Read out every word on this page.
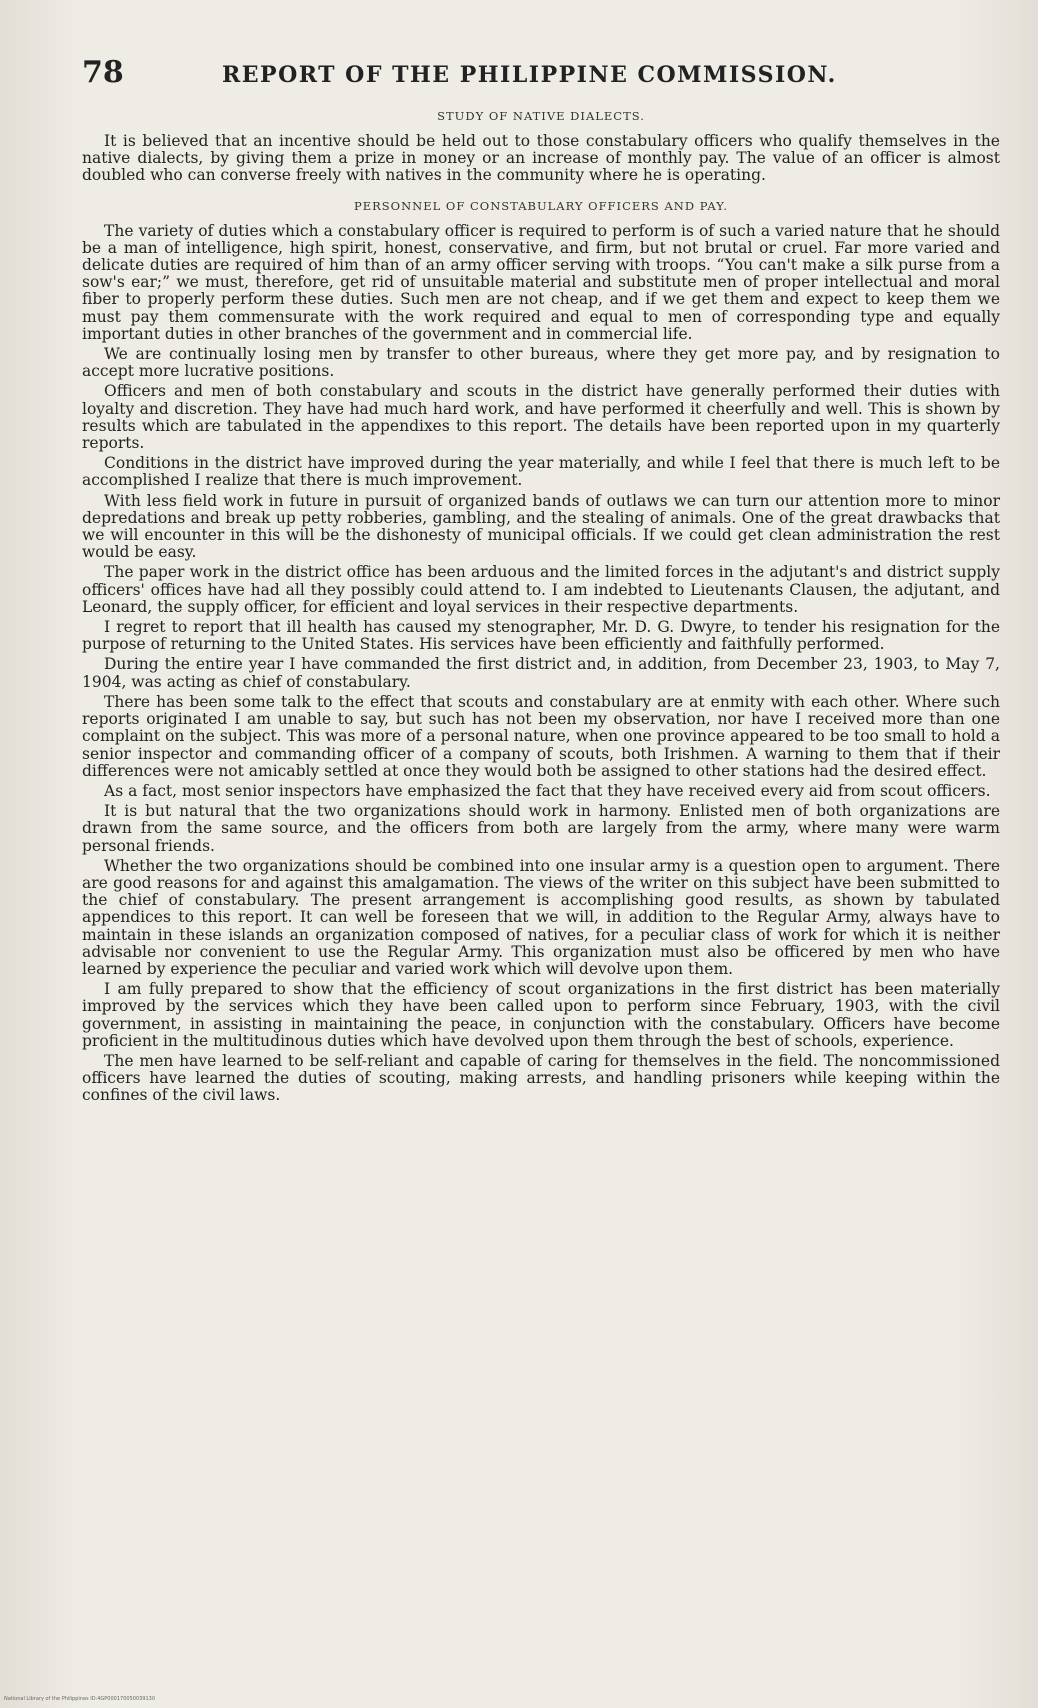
78	REPORT OF THE PHILIPPINE COMMISSION.
STUDY OF NATIVE DIALECTS.

It is believed that an incentive should be held out to those constabulary officers who qualify themselves in the native dialects, by giving them a prize in money or an increase of monthly pay. The value of an officer is almost doubled who can converse freely with natives in the community where he is operating.

PERSONNEL OF CONSTABULARY OFFICERS AND PAY.

The variety of duties which a constabulary officer is required to perform is of such a varied nature that he should be a man of intelligence, high spirit, honest, conservative, and firm, but not brutal or cruel. Far more varied and delicate duties are required of him than of an army officer serving with troops. “You can't make a silk purse from a sow's ear;” we must, therefore, get rid of unsuitable material and substitute men of proper intellectual and moral fiber to properly perform these duties. Such men are not cheap, and if we get them and expect to keep them we must pay them commensurate with the work required and equal to men of corresponding type and equally important duties in other branches of the government and in commercial life.

We are continually losing men by transfer to other bureaus, where they get more pay, and by resignation to accept more lucrative positions.

Officers and men of both constabulary and scouts in the district have generally performed their duties with loyalty and discretion. They have had much hard work, and have performed it cheerfully and well. This is shown by results which are tabulated in the appendixes to this report. The details have been reported upon in my quarterly reports.

Conditions in the district have improved during the year materially, and while I feel that there is much left to be accomplished I realize that there is much improvement.

With less field work in future in pursuit of organized bands of outlaws we can turn our attention more to minor depredations and break up petty robberies, gambling, and the stealing of animals. One of the great drawbacks that we will encounter in this will be the dishonesty of municipal officials. If we could get clean administration the rest would be easy.

The paper work in the district office has been arduous and the limited forces in the adjutant's and district supply officers' offices have had all they possibly could attend to. I am indebted to Lieutenants Clausen, the adjutant, and Leonard, the supply officer, for efficient and loyal services in their respective departments.

I regret to report that ill health has caused my stenographer, Mr. D. G. Dwyre, to tender his resignation for the purpose of returning to the United States. His services have been efficiently and faithfully performed.

During the entire year I have commanded the first district and, in addition, from December 23, 1903, to May 7, 1904, was acting as chief of constabulary.

There has been some talk to the effect that scouts and constabulary are at enmity with each other. Where such reports originated I am unable to say, but such has not been my observation, nor have I received more than one complaint on the subject. This was more of a personal nature, when one province appeared to be too small to hold a senior inspector and commanding officer of a company of scouts, both Irishmen. A warning to them that if their differences were not amicably settled at once they would both be assigned to other stations had the desired effect.

As a fact, most senior inspectors have emphasized the fact that they have received every aid from scout officers.

It is but natural that the two organizations should work in harmony. Enlisted men of both organizations are drawn from the same source, and the officers from both are largely from the army, where many were warm personal friends.

Whether the two organizations should be combined into one insular army is a question open to argument. There are good reasons for and against this amalgamation. The views of the writer on this subject have been submitted to the chief of constabulary. The present arrangement is accomplishing good results, as shown by tabulated appendices to this report. It can well be foreseen that we will, in addition to the Regular Army, always have to maintain in these islands an organization composed of natives, for a peculiar class of work for which it is neither advisable nor convenient to use the Regular Army. This organization must also be officered by men who have learned by experience the peculiar and varied work which will devolve upon them.

I am fully prepared to show that the efficiency of scout organizations in the first district has been materially improved by the services which they have been called upon to perform since February, 1903, with the civil government, in assisting in maintaining the peace, in conjunction with the constabulary. Officers have become proficient in the multitudinous duties which have devolved upon them through the best of schools, experience.

The men have learned to be self-reliant and capable of caring for themselves in the field. The noncommissioned officers have learned the duties of scouting, making arrests, and handling prisoners while keeping within the confines of the civil laws.

National Library of the Philippines ID:4GP000170050039130
